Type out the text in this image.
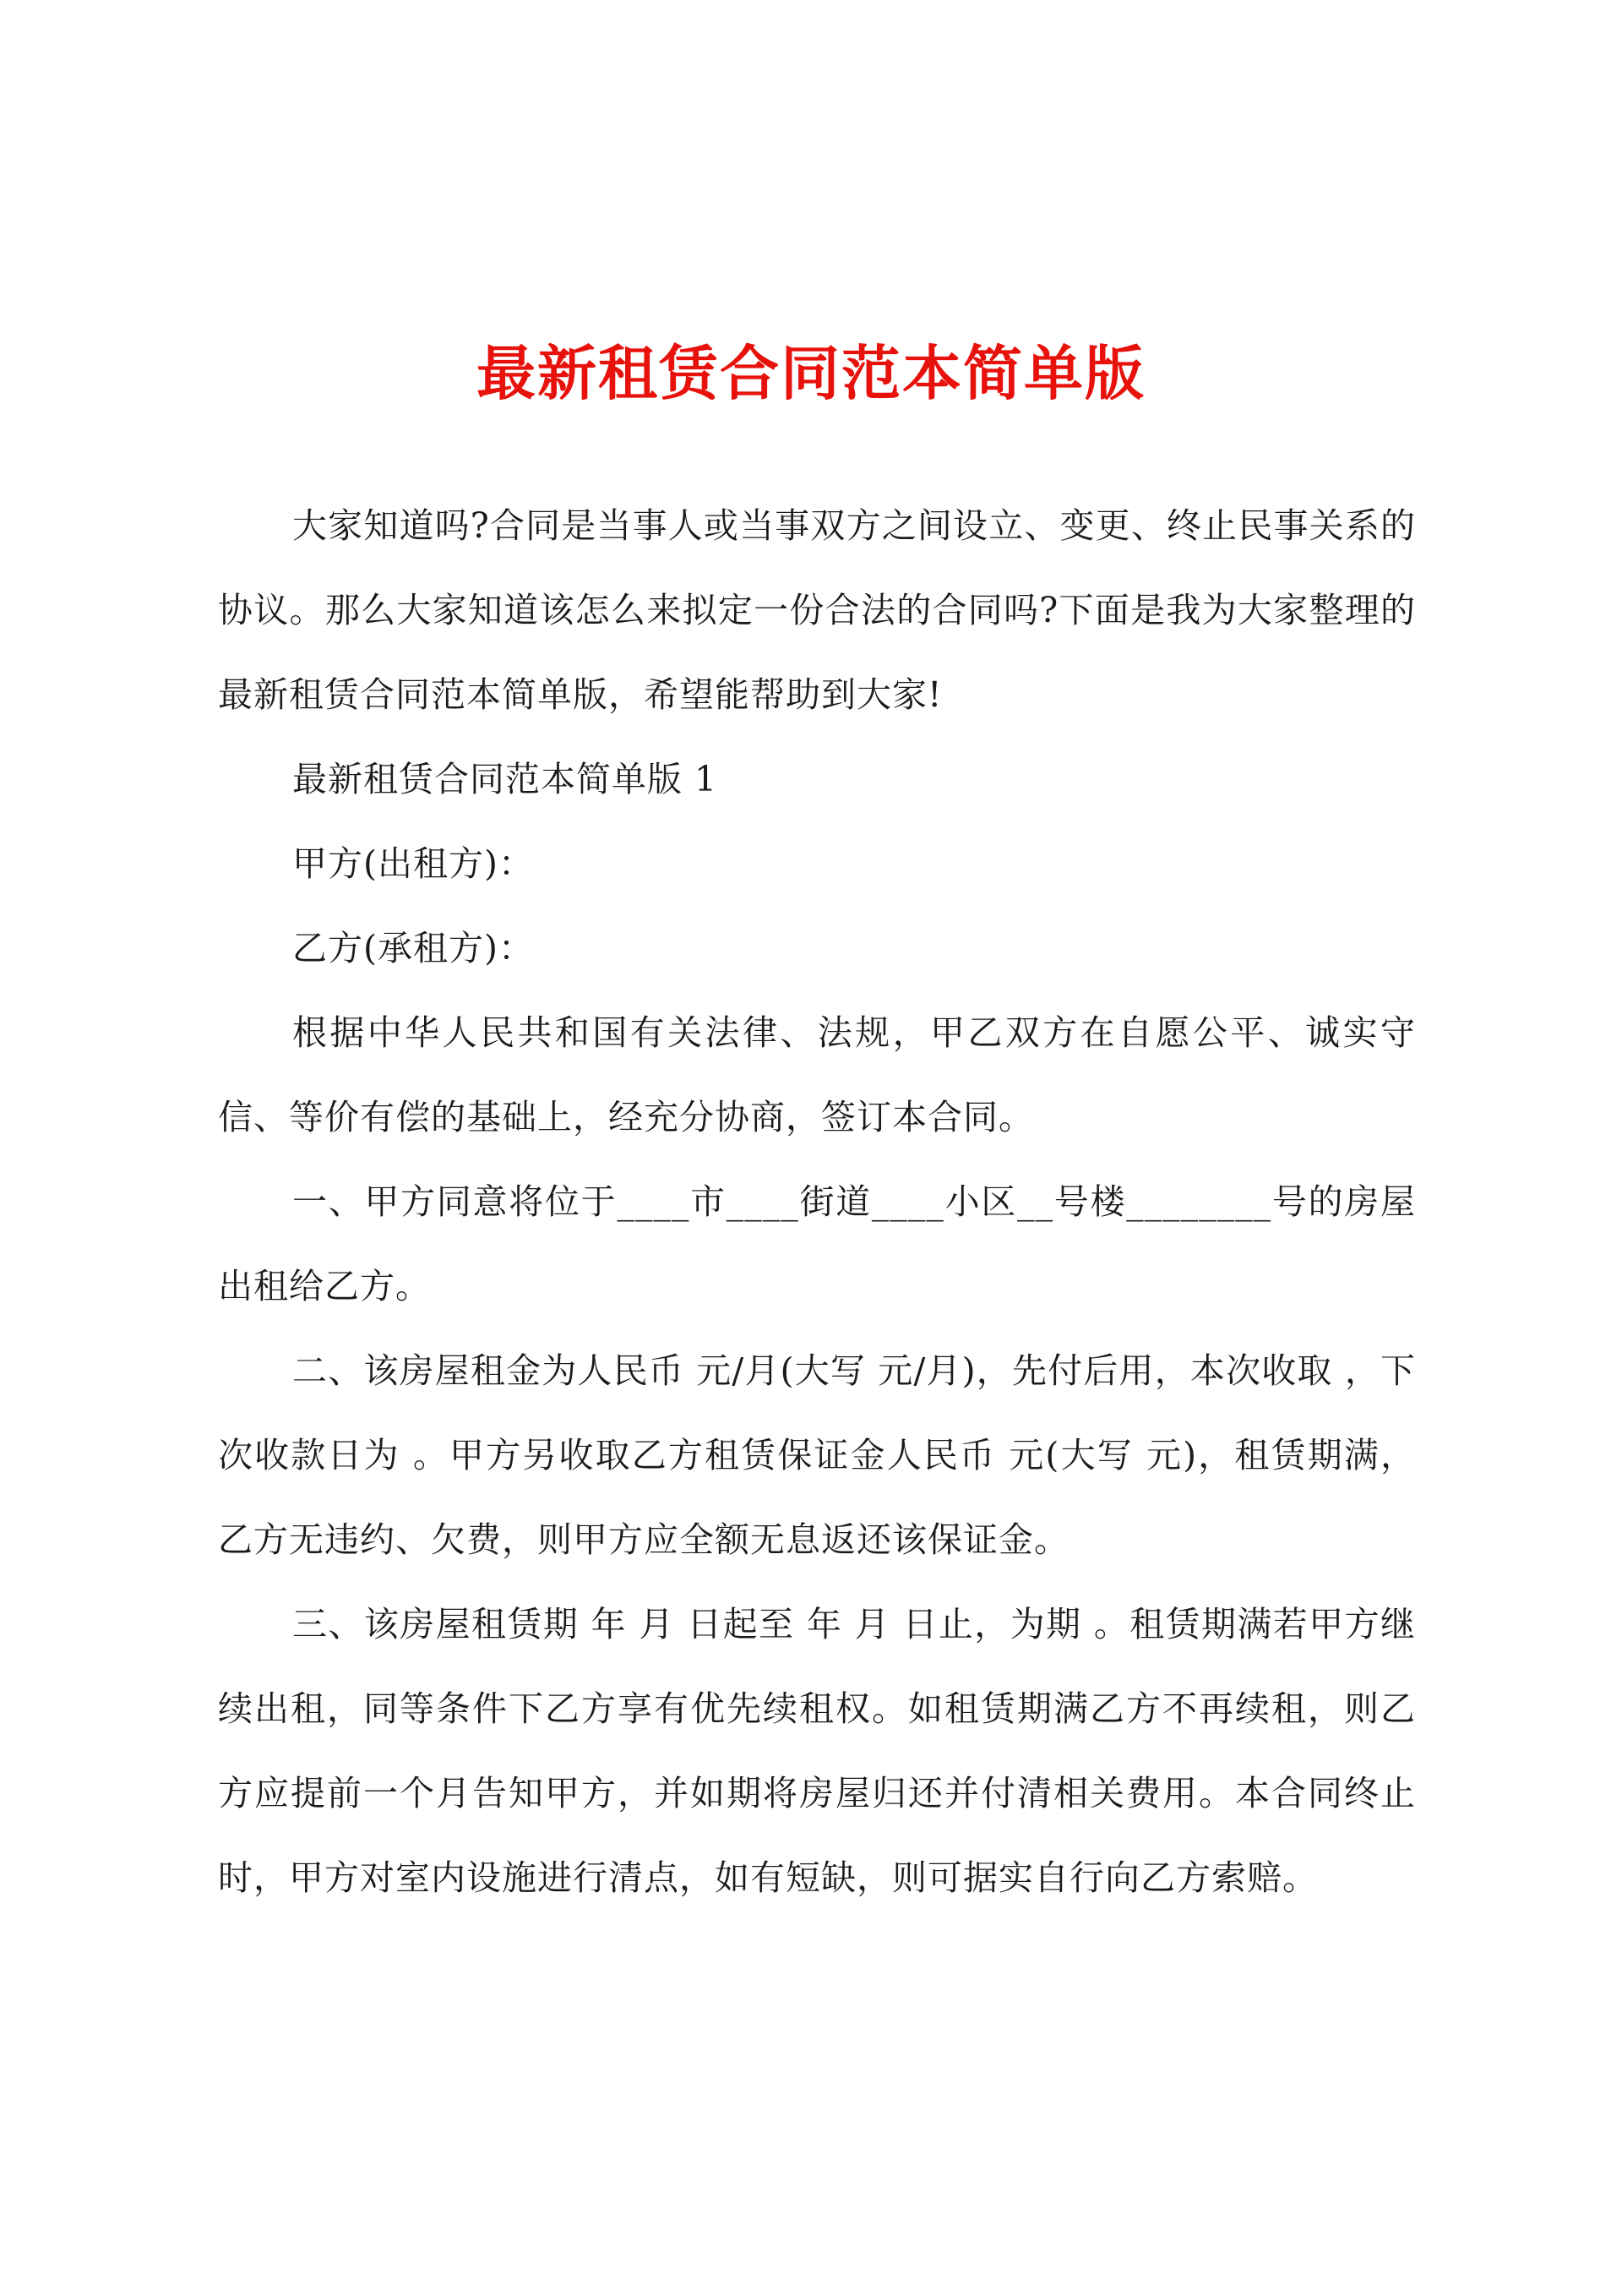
最新租赁合同范本简单版

大家知道吗?合同是当事人或当事双方之间设立、变更、终止民事关系的协议。那么大家知道该怎么来拟定一份合法的合同吗?下面是我为大家整理的最新租赁合同范本简单版，希望能帮助到大家!

最新租赁合同范本简单版 1

甲方(出租方)：

乙方(承租方)：

根据中华人民共和国有关法律、法规，甲乙双方在自愿公平、诚实守信、等价有偿的基础上，经充分协商，签订本合同。

一、甲方同意将位于____市____街道____小区__号楼________号的房屋出租给乙方。

二、该房屋租金为人民币 元/月(大写 元/月)，先付后用，本次收取 ，下次收款日为 。甲方另收取乙方租赁保证金人民币 元(大写 元)，租赁期满，乙方无违约、欠费，则甲方应全额无息返还该保证金。

三、该房屋租赁期 年 月 日起至 年 月 日止，为期 。租赁期满若甲方继续出租，同等条件下乙方享有优先续租权。如租赁期满乙方不再续租，则乙方应提前一个月告知甲方，并如期将房屋归还并付清相关费用。本合同终止时，甲方对室内设施进行清点，如有短缺，则可据实自行向乙方索赔。
